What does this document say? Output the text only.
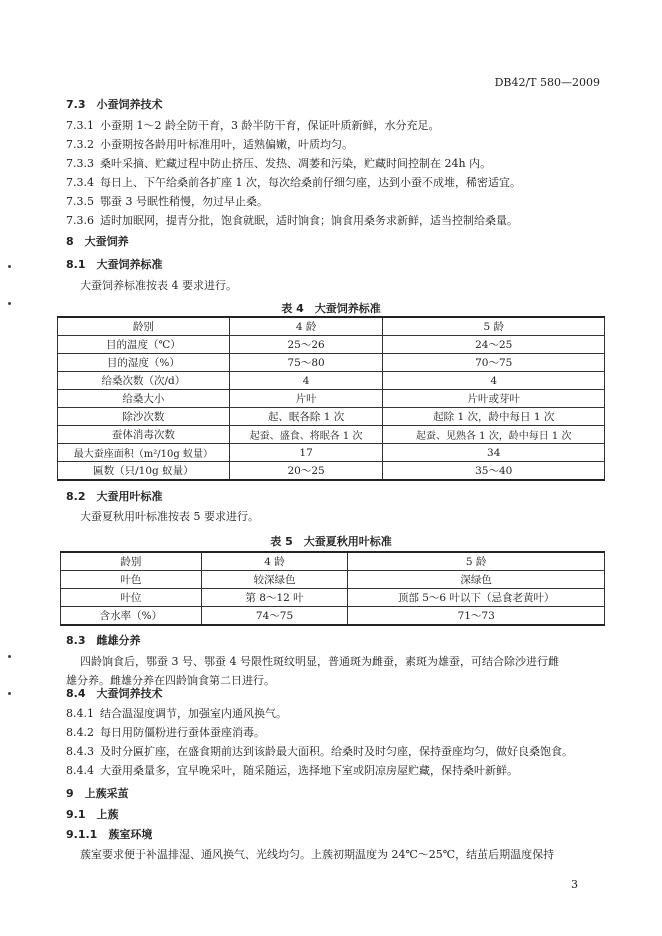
DB42/T 580—2009
7.3　小蚕饲养技术
7.3.1 小蚕期 1～2 龄全防干育，3 龄半防干育，保证叶质新鲜，水分充足。
7.3.2 小蚕期按各龄用叶标准用叶，适熟偏嫩，叶质均匀。
7.3.3 桑叶采摘、贮藏过程中防止挤压、发热、凋萎和污染，贮藏时间控制在 24h 内。
7.3.4 每日上、下午给桑前各扩座 1 次，每次给桑前仔细匀座，达到小蚕不成堆，稀密适宜。
7.3.5 鄂蚕 3 号眠性稍慢，勿过早止桑。
7.3.6 适时加眠网，提青分批，饱食就眠，适时饷食；饷食用桑务求新鲜，适当控制给桑量。
8　大蚕饲养
8.1　大蚕饲养标准
大蚕饲养标准按表 4 要求进行。
表 4　大蚕饲养标准
龄别	4 龄	5 龄
目的温度（℃）	25～26	24～25
目的湿度（%）	75～80	70～75
给桑次数（次/d）	4	4
给桑大小	片叶	片叶或芽叶
除沙次数	起、眠各除 1 次	起除 1 次，龄中每日 1 次
蚕体消毒次数	起蚕、盛食、将眠各 1 次	起蚕、见熟各 1 次，龄中每日 1 次
最大蚕座面积（m²/10g 蚁量）	17	34
匾数（只/10g 蚁量）	20～25	35～40
8.2　大蚕用叶标准
大蚕夏秋用叶标准按表 5 要求进行。
表 5　大蚕夏秋用叶标准
龄别	4 龄	5 龄
叶色	较深绿色	深绿色
叶位	第 8～12 叶	顶部 5～6 叶以下（忌食老黄叶）
含水率（%）	74～75	71～73
8.3　雌雄分养
四龄饷食后，鄂蚕 3 号、鄂蚕 4 号限性斑纹明显，普通斑为雌蚕，素斑为雄蚕，可结合除沙进行雌
雄分养。雌雄分养在四龄饷食第二日进行。
8.4　大蚕饲养技术
8.4.1 结合温湿度调节，加强室内通风换气。
8.4.2 每日用防僵粉进行蚕体蚕座消毒。
8.4.3 及时分匾扩座，在盛食期前达到该龄最大面积。给桑时及时匀座，保持蚕座均匀，做好良桑饱食。
8.4.4 大蚕用桑量多，宜早晚采叶，随采随运，选择地下室或阴凉房屋贮藏，保持桑叶新鲜。
9　上蔟采茧
9.1　上蔟
9.1.1　蔟室环境
蔟室要求便于补温排湿、通风换气、光线均匀。上蔟初期温度为 24℃～25℃，结茧后期温度保持
3
